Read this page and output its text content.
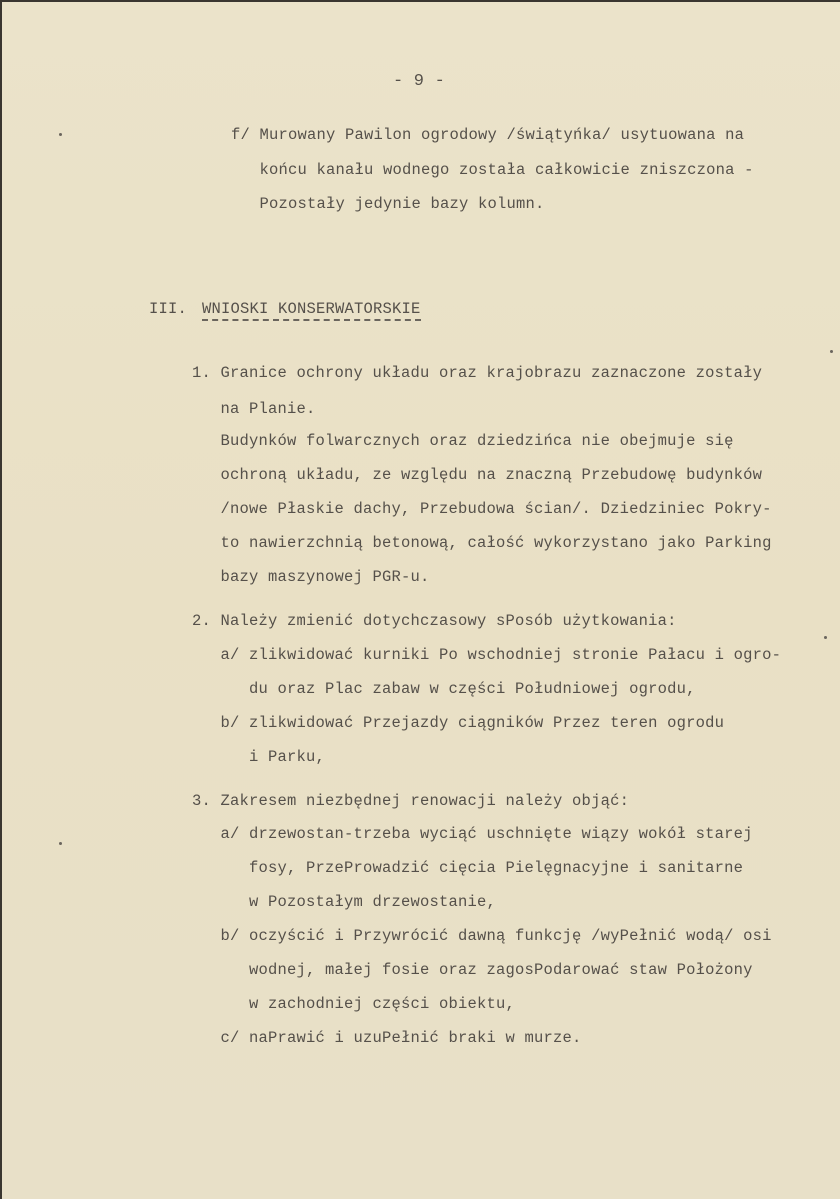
- 9 -
f/ Murowany Pawilon ogrodowy /świątyńka/ usytuowana na
końcu kanału wodnego została całkowicie zniszczona -
Pozostały jedynie bazy kolumn.
III. WNIOSKI KONSERWATORSKIE
1. Granice ochrony układu oraz krajobrazu zaznaczone zostały
na Planie.
Budynków folwarcznych oraz dziedzińca nie obejmuje się
ochroną układu, ze względu na znaczną Przebudowę budynków
/nowe Płaskie dachy, Przebudowa ścian/. Dziedziniec Pokry-
to nawierzchnią betonową, całość wykorzystano jako Parking
bazy maszynowej PGR-u.
2. Należy zmienić dotychczasowy sPosób użytkowania:
a/ zlikwidować kurniki Po wschodniej stronie Pałacu i ogro-
du oraz Plac zabaw w części Południowej ogrodu,
b/ zlikwidować Przejazdy ciągników Przez teren ogrodu
i Parku,
3. Zakresem niezbędnej renowacji należy objąć:
a/ drzewostan-trzeba wyciąć uschnięte wiązy wokół starej
fosy, PrzeProwadzić cięcia Pielęgnacyjne i sanitarne
w Pozostałym drzewostanie,
b/ oczyścić i Przywrócić dawną funkcję /wyPełnić wodą/ osi
wodnej, małej fosie oraz zagosPodarować staw Położony
w zachodniej części obiektu,
c/ naPrawić i uzuPełnić braki w murze.
